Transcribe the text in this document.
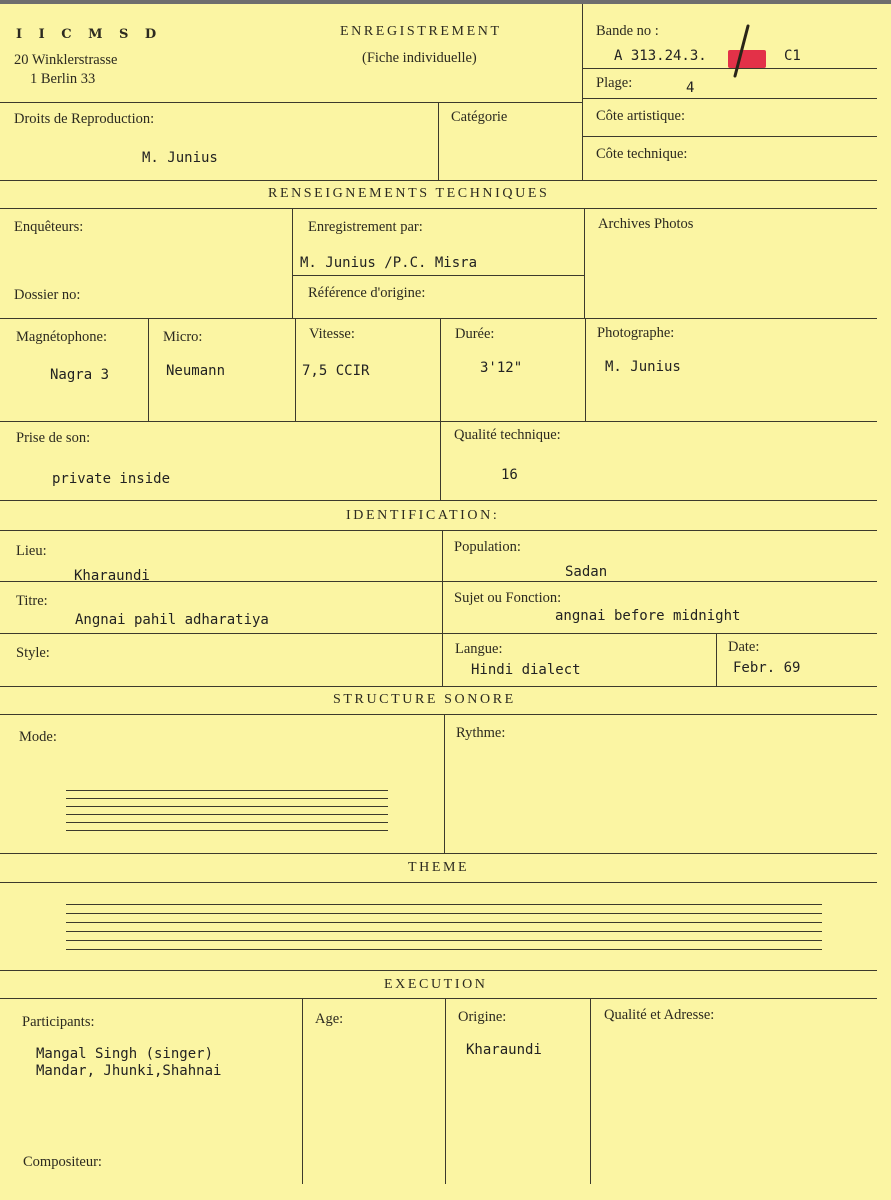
I I C M S D
20 Winklerstrasse
1 Berlin 33
ENREGISTREMENT
(Fiche individuelle)
Bande no :
A 313.24.3.	C1
Plage:	4
Droits de Reproduction:
M. Junius
Catégorie	Côte artistique:
Côte technique:
RENSEIGNEMENTS TECHNIQUES
Enquêteurs:
Dossier no:
Enregistrement par:
M. Junius /P.C. Misra
Référence d'origine:
Archives Photos
Magnétophone:
Nagra 3
Micro:
Neumann
Vitesse:
7,5 CCIR
Durée:
3'12"
Photographe:
M. Junius
Prise de son:
private inside
Qualité technique:
16
IDENTIFICATION:
Lieu:
Kharaundi
Population:
Sadan
Titre:
Angnai pahil adharatiya
Sujet ou Fonction:
angnai before midnight
Style:	Langue:
Hindi dialect
Date:
Febr. 69
STRUCTURE SONORE
Mode:	Rythme:
THEME
EXECUTION
Participants:
Mangal Singh (singer)
Mandar, Jhunki,Shahnai
Age:	Origine:
Kharaundi
Qualité et Adresse:
Compositeur:
